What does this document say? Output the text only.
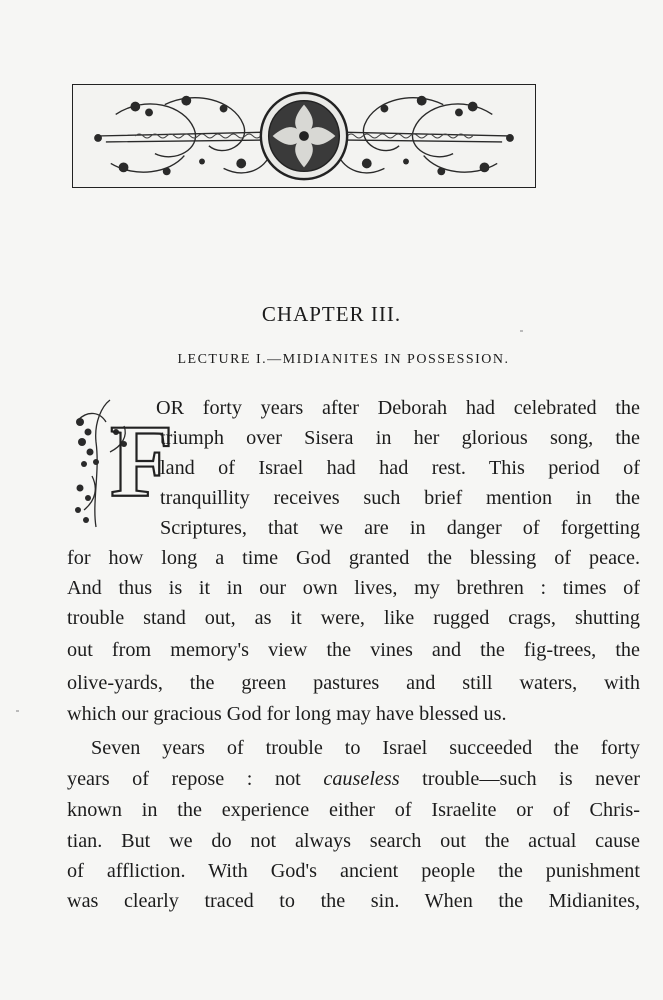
CHAPTER III.
LECTURE I.—MIDIANITES IN POSSESSION.
F
OR forty years after Deborah had celebrated the
triumph over Sisera in her glorious song, the
land of Israel had had rest. This period of
tranquillity receives such brief mention in the
Scriptures, that we are in danger of forgetting
for how long a time God granted the blessing of peace.
And thus is it in our own lives, my brethren : times of
trouble stand out, as it were, like rugged crags, shutting
out from memory's view the vines and the fig-trees, the
olive-yards, the green pastures and still waters, with
which our gracious God for long may have blessed us.
Seven years of trouble to Israel succeeded the forty
years of repose : not causeless trouble—such is never
known in the experience either of Israelite or of Chris-
tian. But we do not always search out the actual cause
of affliction. With God's ancient people the punishment
was clearly traced to the sin. When the Midianites,
